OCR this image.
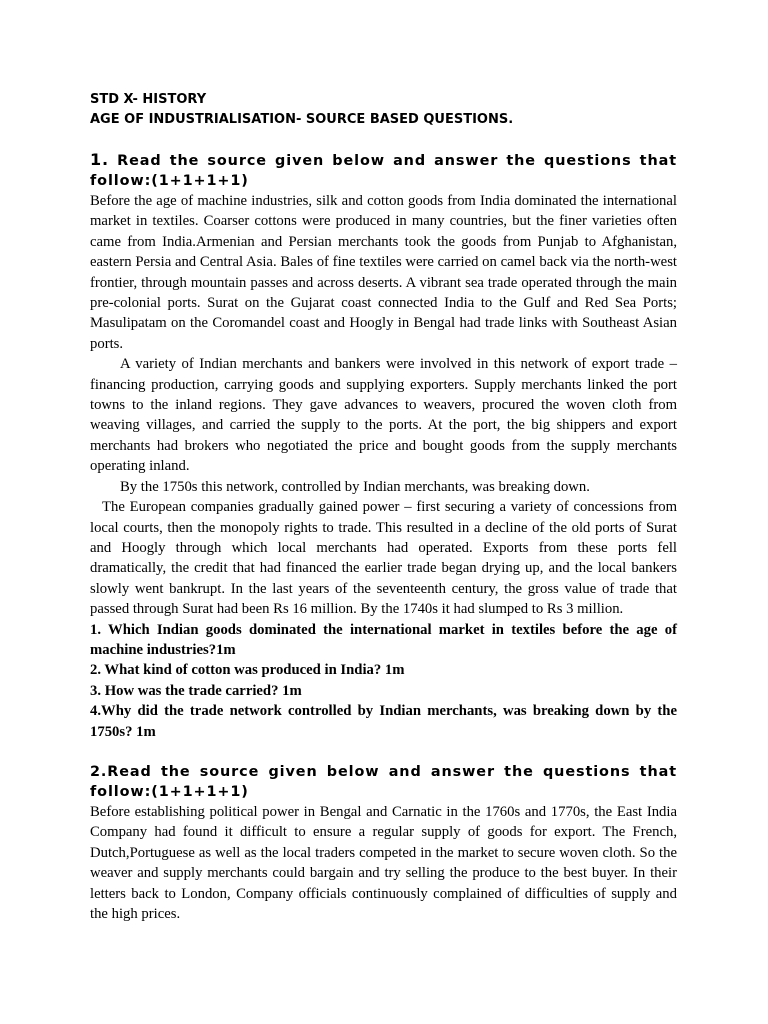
STD X- HISTORY

AGE OF INDUSTRIALISATION- SOURCE BASED QUESTIONS.

1. Read the source given below and answer the questions that follow:(1+1+1+1)

Before the age of machine industries, silk and cotton goods from India dominated the international market in textiles. Coarser cottons were produced in many countries, but the finer varieties often came from India.Armenian and Persian merchants took the goods from Punjab to Afghanistan, eastern Persia and Central Asia. Bales of fine textiles were carried on camel back via the north-west frontier, through mountain passes and across deserts. A vibrant sea trade operated through the main pre-colonial ports. Surat on the Gujarat coast connected India to the Gulf and Red Sea Ports; Masulipatam on the Coromandel coast and Hoogly in Bengal had trade links with Southeast Asian ports.

A variety of Indian merchants and bankers were involved in this network of export trade – financing production, carrying goods and supplying exporters. Supply merchants linked the port towns to the inland regions. They gave advances to weavers, procured the woven cloth from weaving villages, and carried the supply to the ports. At the port, the big shippers and export merchants had brokers who negotiated the price and bought goods from the supply merchants operating inland.

By the 1750s this network, controlled by Indian merchants, was breaking down.

The European companies gradually gained power – first securing a variety of concessions from local courts, then the monopoly rights to trade. This resulted in a decline of the old ports of Surat and Hoogly through which local merchants had operated. Exports from these ports fell dramatically, the credit that had financed the earlier trade began drying up, and the local bankers slowly went bankrupt. In the last years of the seventeenth century, the gross value of trade that passed through Surat had been Rs 16 million. By the 1740s it had slumped to Rs 3 million.

1. Which Indian goods dominated the international market in textiles before the age of machine industries?1m

2. What kind of cotton was produced in India? 1m

3. How was the trade carried? 1m

4.Why did the trade network controlled by Indian merchants, was breaking down by the 1750s? 1m

2.Read the source given below and answer the questions that follow:(1+1+1+1)

Before establishing political power in Bengal and Carnatic in the 1760s and 1770s, the East India Company had found it difficult to ensure a regular supply of goods for export. The French, Dutch,Portuguese as well as the local traders competed in the market to secure woven cloth. So the weaver and supply merchants could bargain and try selling the produce to the best buyer. In their letters back to London, Company officials continuously complained of difficulties of supply and the high prices.
